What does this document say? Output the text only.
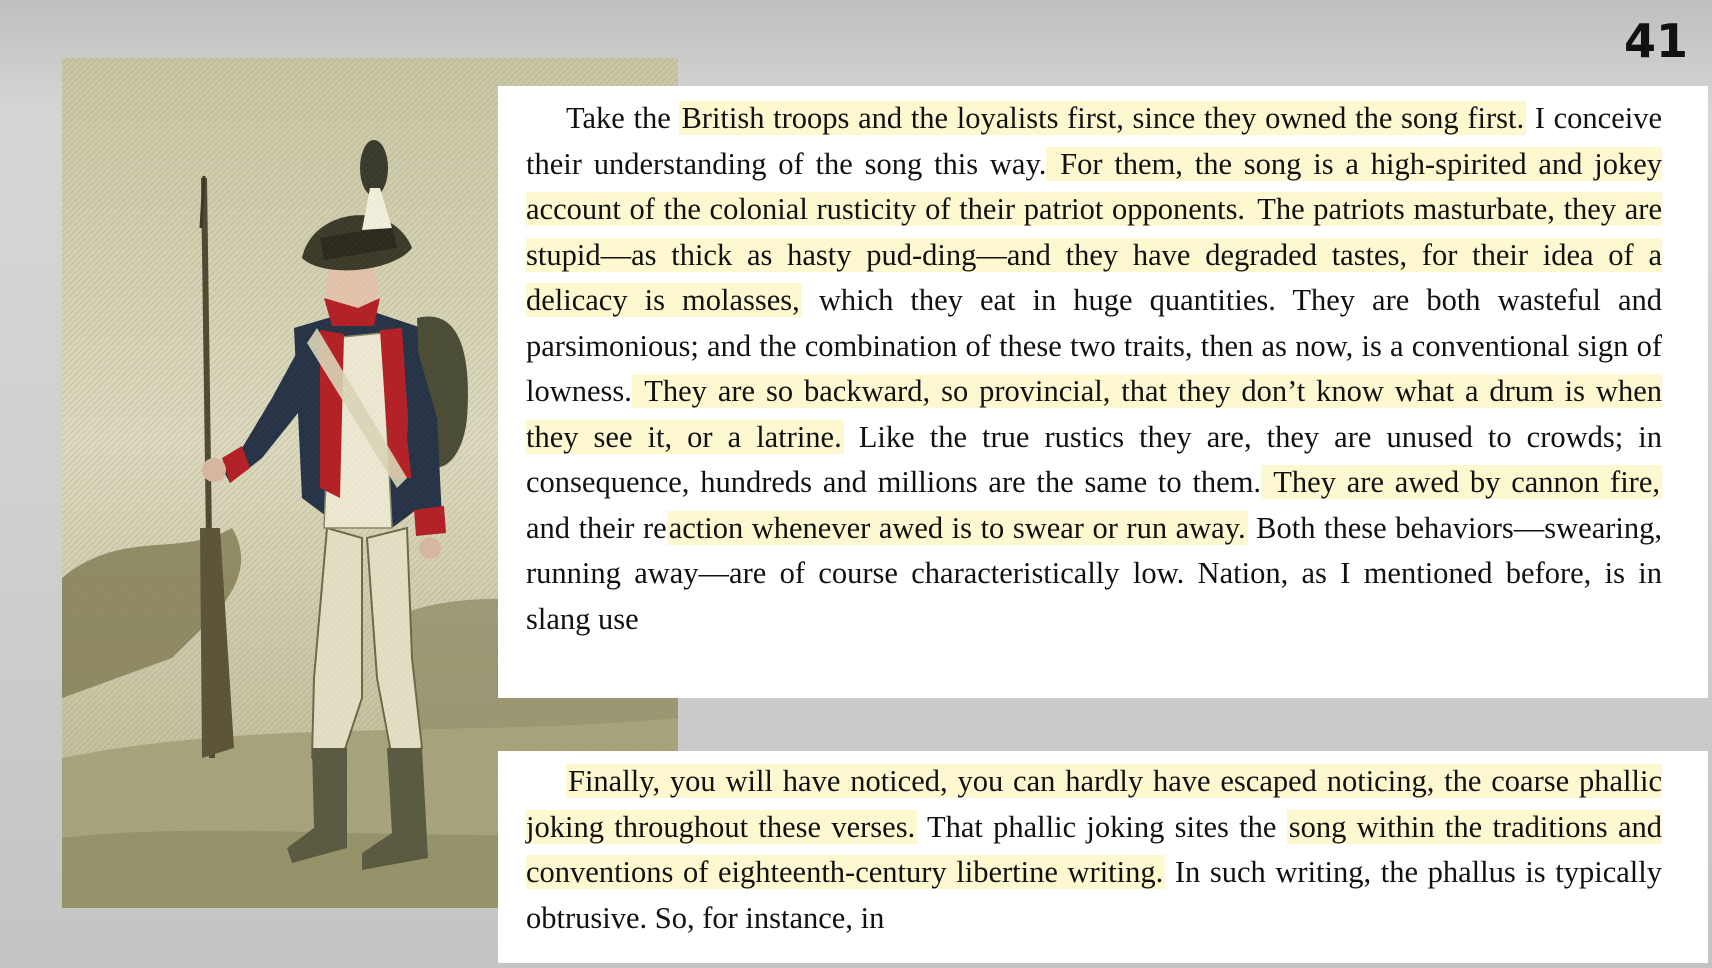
41

Take the British troops and the loyalists first, since they owned the song first. I conceive their understanding of the song this way. For them, the song is a high-spirited and jokey account of the colonial rusticity of their patriot opponents. The patriots masturbate, they are stupid—as thick as hasty pud-ding—and they have degraded tastes, for their idea of a delicacy is molasses, which they eat in huge quantities. They are both wasteful and parsimonious; and the combination of these two traits, then as now, is a conventional sign of lowness. They are so backward, so provincial, that they don’t know what a drum is when they see it, or a latrine. Like the true rustics they are, they are unused to crowds; in consequence, hundreds and millions are the same to them. They are awed by cannon fire, and their reaction whenever awed is to swear or run away. Both these behaviors—swearing, running away—are of course characteristically low. Nation, as I mentioned before, is in slang use

Finally, you will have noticed, you can hardly have escaped noticing, the coarse phallic joking throughout these verses. That phallic joking sites the song within the traditions and conventions of eighteenth-century libertine writing. In such writing, the phallus is typically obtrusive. So, for instance, in
